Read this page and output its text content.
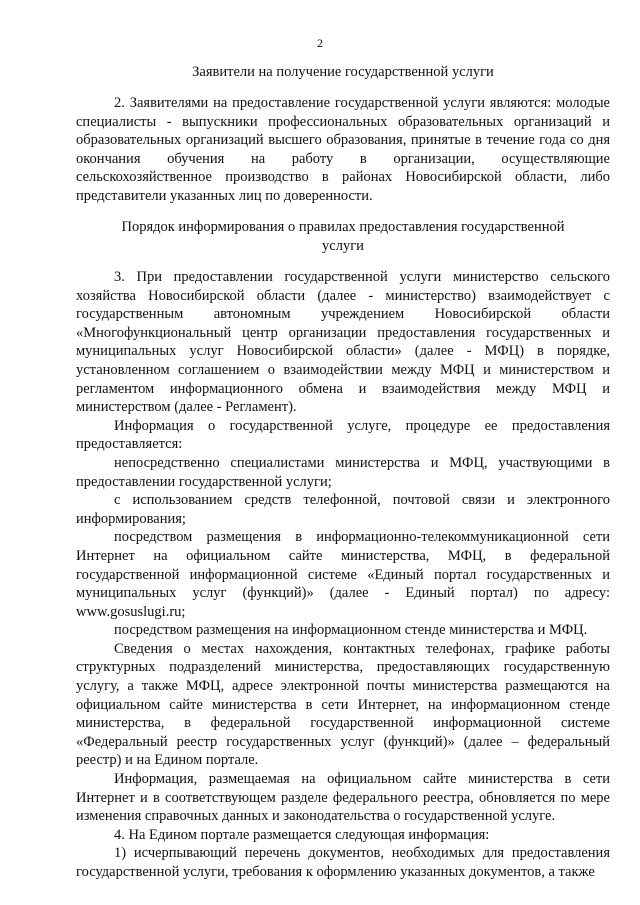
2
Заявители на получение государственной услуги

2. Заявителями на предоставление государственной услуги являются: молодые специалисты - выпускники профессиональных образовательных организаций и образовательных организаций высшего образования, принятые в течение года со дня окончания обучения на работу в организации, осуществляющие сельскохозяйственное производство в районах Новосибирской области, либо представители указанных лиц по доверенности.

Порядок информирования о правилах предоставления государственной услуги

3. При предоставлении государственной услуги министерство сельского хозяйства Новосибирской области (далее - министерство) взаимодействует с государственным автономным учреждением Новосибирской области «Многофункциональный центр организации предоставления государственных и муниципальных услуг Новосибирской области» (далее - МФЦ) в порядке, установленном соглашением о взаимодействии между МФЦ и министерством и регламентом информационного обмена и взаимодействия между МФЦ и министерством (далее - Регламент).

Информация о государственной услуге, процедуре ее предоставления предоставляется:

непосредственно специалистами министерства и МФЦ, участвующими в предоставлении государственной услуги;

с использованием средств телефонной, почтовой связи и электронного информирования;

посредством размещения в информационно-телекоммуникационной сети Интернет на официальном сайте министерства, МФЦ, в федеральной государственной информационной системе «Единый портал государственных и муниципальных услуг (функций)» (далее - Единый портал) по адресу: www.gosuslugi.ru;

посредством размещения на информационном стенде министерства и МФЦ.

Сведения о местах нахождения, контактных телефонах, графике работы структурных подразделений министерства, предоставляющих государственную услугу, а также МФЦ, адресе электронной почты министерства размещаются на официальном сайте министерства в сети Интернет, на информационном стенде министерства, в федеральной государственной информационной системе «Федеральный реестр государственных услуг (функций)» (далее – федеральный реестр) и на Едином портале.

Информация, размещаемая на официальном сайте министерства в сети Интернет и в соответствующем разделе федерального реестра, обновляется по мере изменения справочных данных и законодательства о государственной услуге.

4. На Едином портале размещается следующая информация:

1) исчерпывающий перечень документов, необходимых для предоставления государственной услуги, требования к оформлению указанных документов, а также
